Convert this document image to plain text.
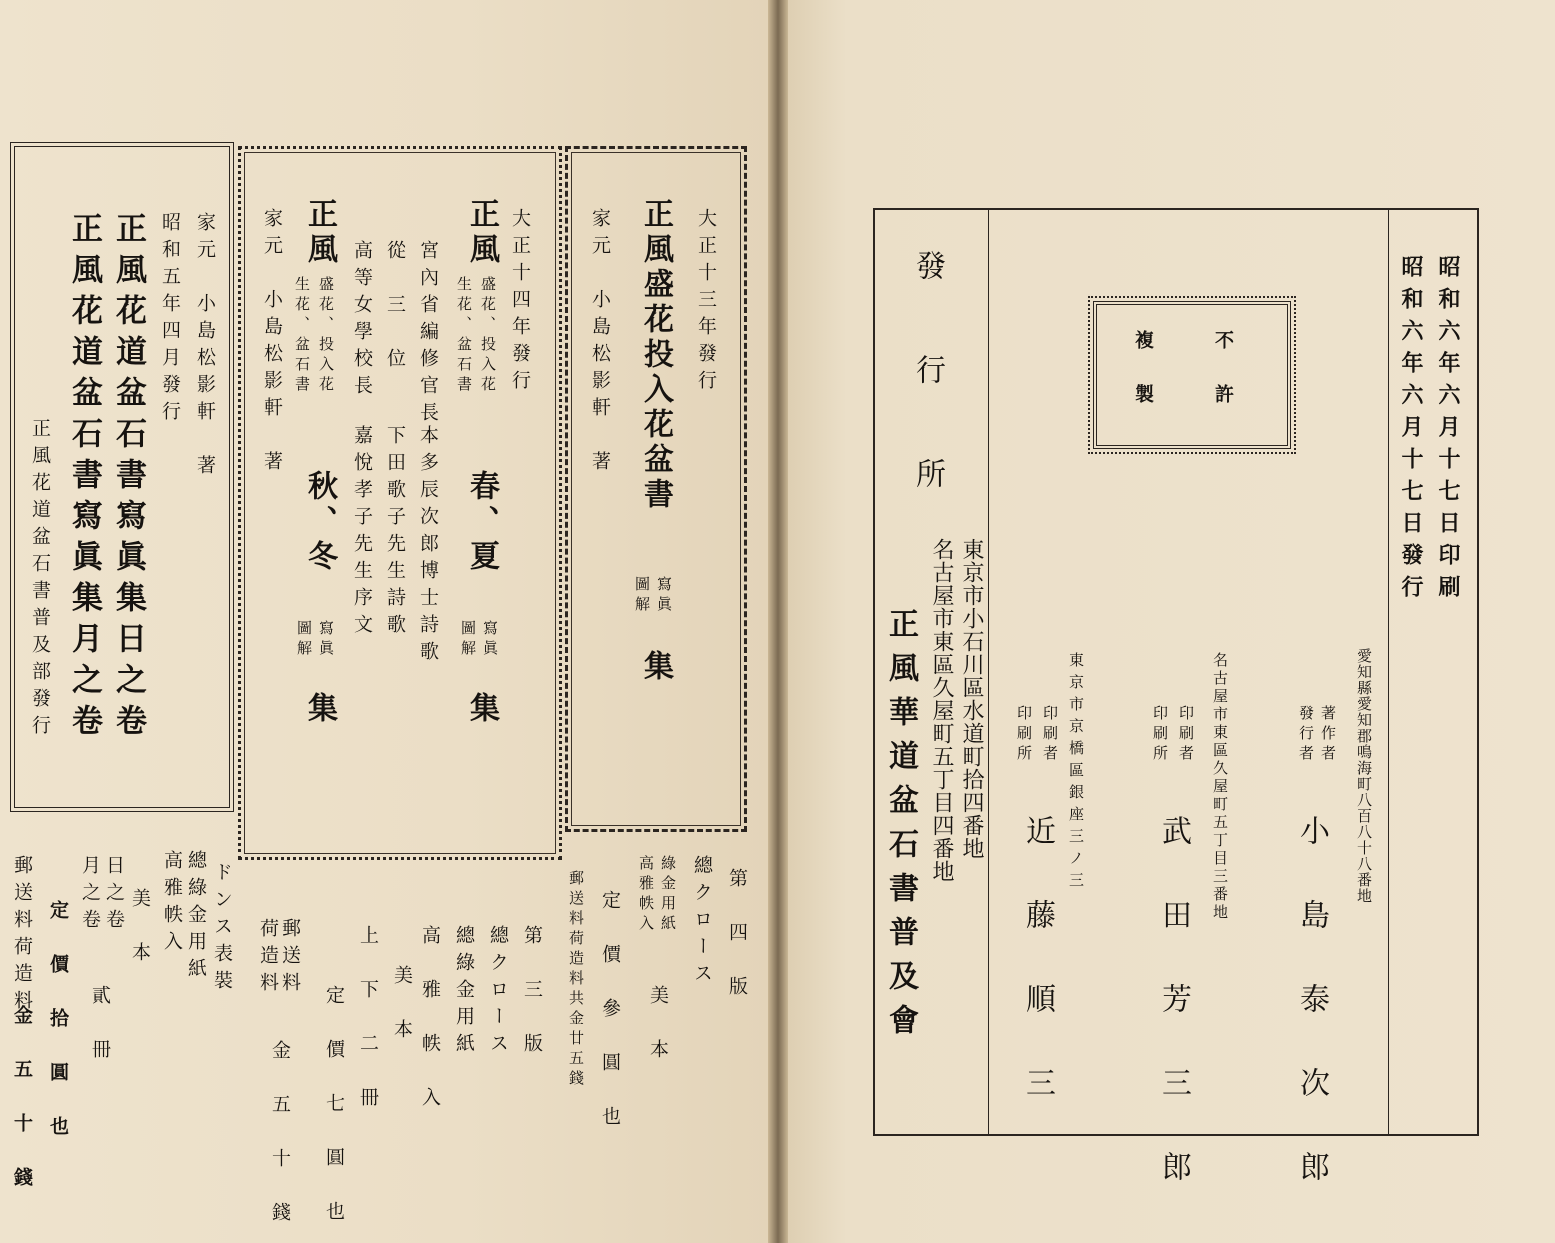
正風花道盆石書寫眞集日之卷
正風花道盆石書寫眞集月之卷	昭和五年四月發行 家元　小島松影軒　著
正風花道盆石書普及部發行
大正十四年發行
正風
盛花、投入花
生花、盆石書
春、夏
寫眞
圖解
集
宮內省編修官長
本多辰次郎博士詩歌
從　三　位
下田歌子先生詩歌
高等女學校長
嘉悅孝子先生序文
正風
盛花、投入花
生花、盆石書
秋、冬
寫眞
圖解
集
家元　小島松影軒　著	大正十三年發行
正風盛花投入花盆書
寫眞
圖解
集
家元　小島松影軒　著
第　四　版
總クロース
綠金用紙
高雅帙入
美　本
定　價　參　圓　也
郵送料荷造料共金廿五錢
第　三　版
總クロース
總綠金用紙
高　雅　帙　入
美　本
上　下　二　冊
定　價　七　圓　也
郵送料
荷造料
金　五　十　錢
ドンス表裝
總綠金用紙
高雅帙入
美　本
日之卷
月之卷
貳　冊
定　價　拾　圓　也
郵送料荷造料
金　五　十　錢
昭和六年六月十七日印刷
昭和六年六月十七日發行
不　許
複　製
愛知縣愛知郡鳴海町八百八十八番地
著作者
發行者
小　島　泰　次　郎
名古屋市東區久屋町五丁目三番地
印刷者
印刷所
武　田　芳　三　郎
東京市京橋區銀座三ノ三
印刷者
印刷所
近　藤　順　三
東京市小石川區水道町拾四番地
名古屋市東區久屋町五丁目四番地
發　行　所
正風華道盆石書普及會
